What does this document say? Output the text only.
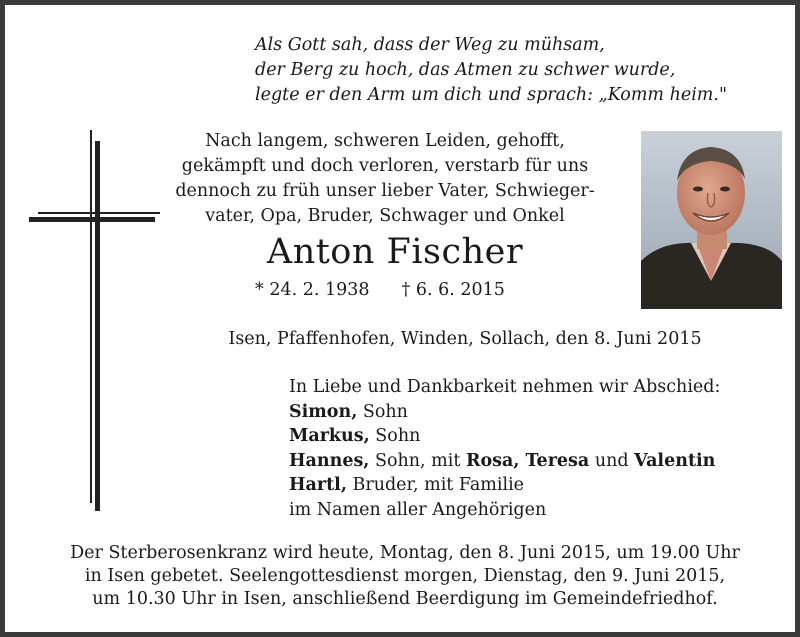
Als Gott sah, dass der Weg zu mühsam,
der Berg zu hoch, das Atmen zu schwer wurde,
legte er den Arm um dich und sprach: „Komm heim."
Nach langem, schweren Leiden, gehofft,
gekämpft und doch verloren, verstarb für uns
dennoch zu früh unser lieber Vater, Schwieger-
vater, Opa, Bruder, Schwager und Onkel
Anton Fischer
* 24. 2. 1938 † 6. 6. 2015
Isen, Pfaffenhofen, Winden, Sollach, den 8. Juni 2015
In Liebe und Dankbarkeit nehmen wir Abschied:
Simon, Sohn
Markus, Sohn
Hannes, Sohn, mit Rosa, Teresa und Valentin
Hartl, Bruder, mit Familie
im Namen aller Angehörigen
Der Sterberosenkranz wird heute, Montag, den 8. Juni 2015, um 19.00 Uhr
in Isen gebetet. Seelengottesdienst morgen, Dienstag, den 9. Juni 2015,
um 10.30 Uhr in Isen, anschließend Beerdigung im Gemeindefriedhof.
